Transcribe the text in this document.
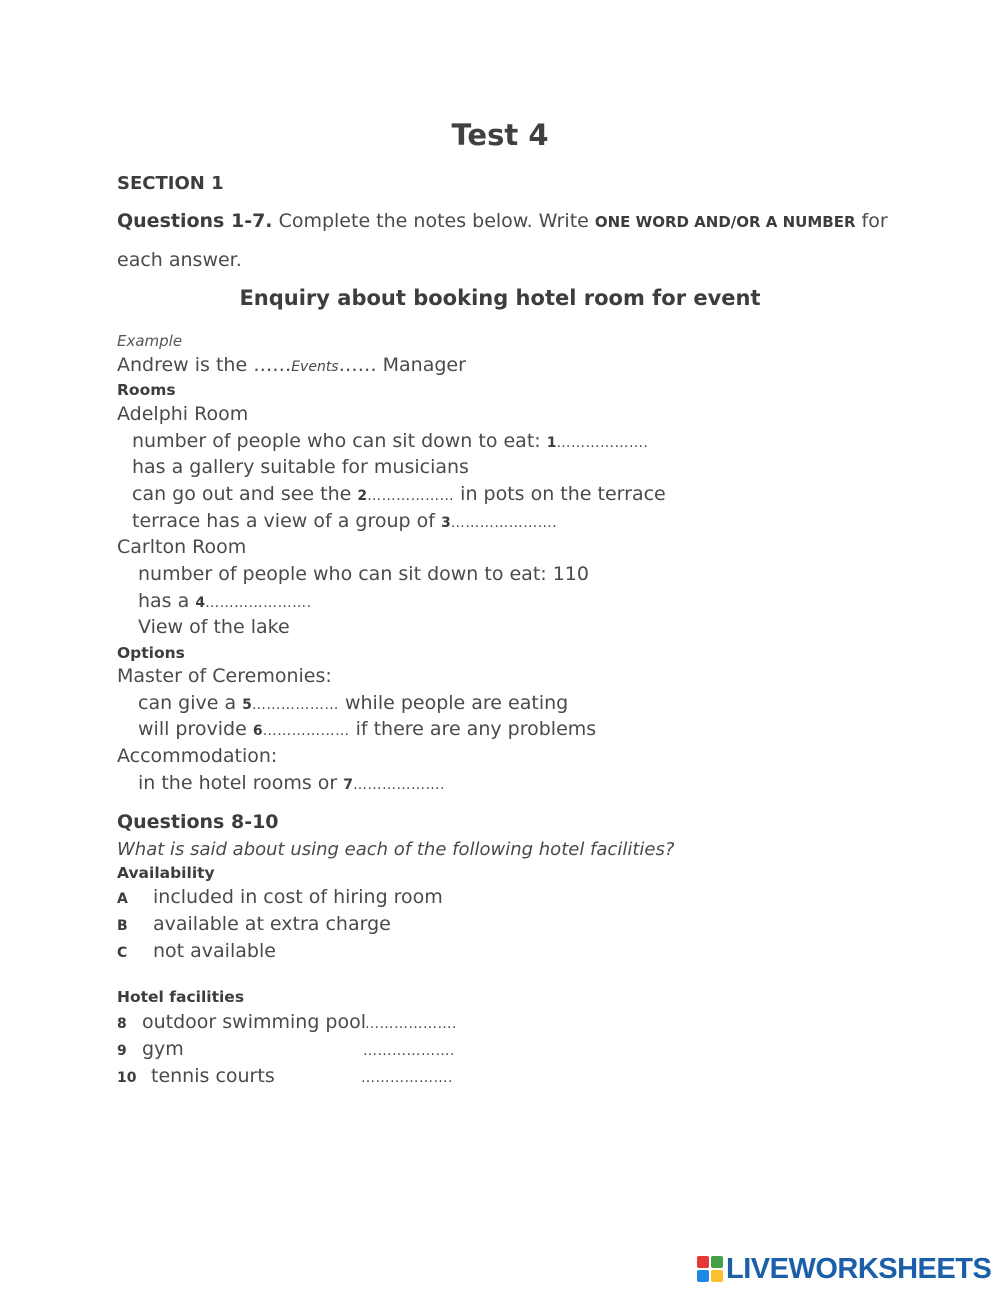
Test 4
SECTION 1
Questions 1-7. Complete the notes below. Write ONE WORD AND/OR A NUMBER for
each answer.
Enquiry about booking hotel room for event
Example
Andrew is the ……Events…… Manager
Rooms
Adelphi Room
number of people who can sit down to eat: 1……………….
has a gallery suitable for musicians
can go out and see the 2……………… in pots on the terrace
terrace has a view of a group of 3………………….
Carlton Room
number of people who can sit down to eat: 110
has a 4………………….
View of the lake
Options
Master of Ceremonies:
can give a 5……………… while people are eating
will provide 6……………… if there are any problems
Accommodation:
in the hotel rooms or 7……………….
Questions 8-10
What is said about using each of the following hotel facilities?
Availability
A included in cost of hiring room
B available at extra charge
C not available
Hotel facilities
8 outdoor swimming pool
……………….
9 gym	……………….
10 tennis courts	……………….
LIVEWORKSHEETS
